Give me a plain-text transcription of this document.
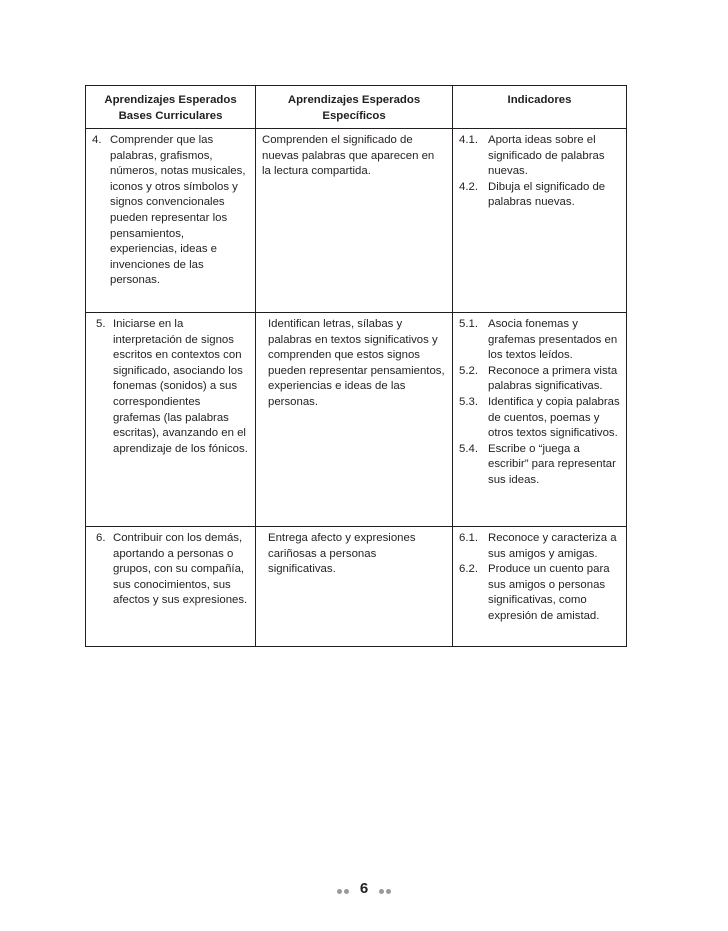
Aprendizajes Esperados Bases Curriculares
Aprendizajes Esperados Específicos
Indicadores
4. Comprender que las palabras, grafismos, números, notas musicales, iconos y otros símbolos y signos convencionales pueden representar los pensamientos, experiencias, ideas e invenciones de las personas.
Comprenden el significado de nuevas palabras que aparecen en la lectura compartida.
4.1. Aporta ideas sobre el significado de palabras nuevas.
4.2. Dibuja el significado de palabras nuevas.
5. Iniciarse en la interpretación de signos escritos en contextos con significado, asociando los fonemas (sonidos) a sus correspondientes grafemas (las palabras escritas), avanzando en el aprendizaje de los fónicos.
Identifican letras, sílabas y palabras en textos significativos y comprenden que estos signos pueden representar pensamientos, experiencias e ideas de las personas.
5.1. Asocia fonemas y grafemas presentados en los textos leídos.
5.2. Reconoce a primera vista palabras significativas.
5.3. Identifica y copia palabras de cuentos, poemas y otros textos significativos.
5.4. Escribe o “juega a escribir” para representar sus ideas.
6. Contribuir con los demás, aportando a personas o grupos, con su compañía, sus conocimientos, sus afectos y sus expresiones.
Entrega afecto y expresiones cariñosas a personas significativas.
6.1. Reconoce y caracteriza a sus amigos y amigas.
6.2. Produce un cuento para sus amigos o personas significativas, como expresión de amistad.
6
